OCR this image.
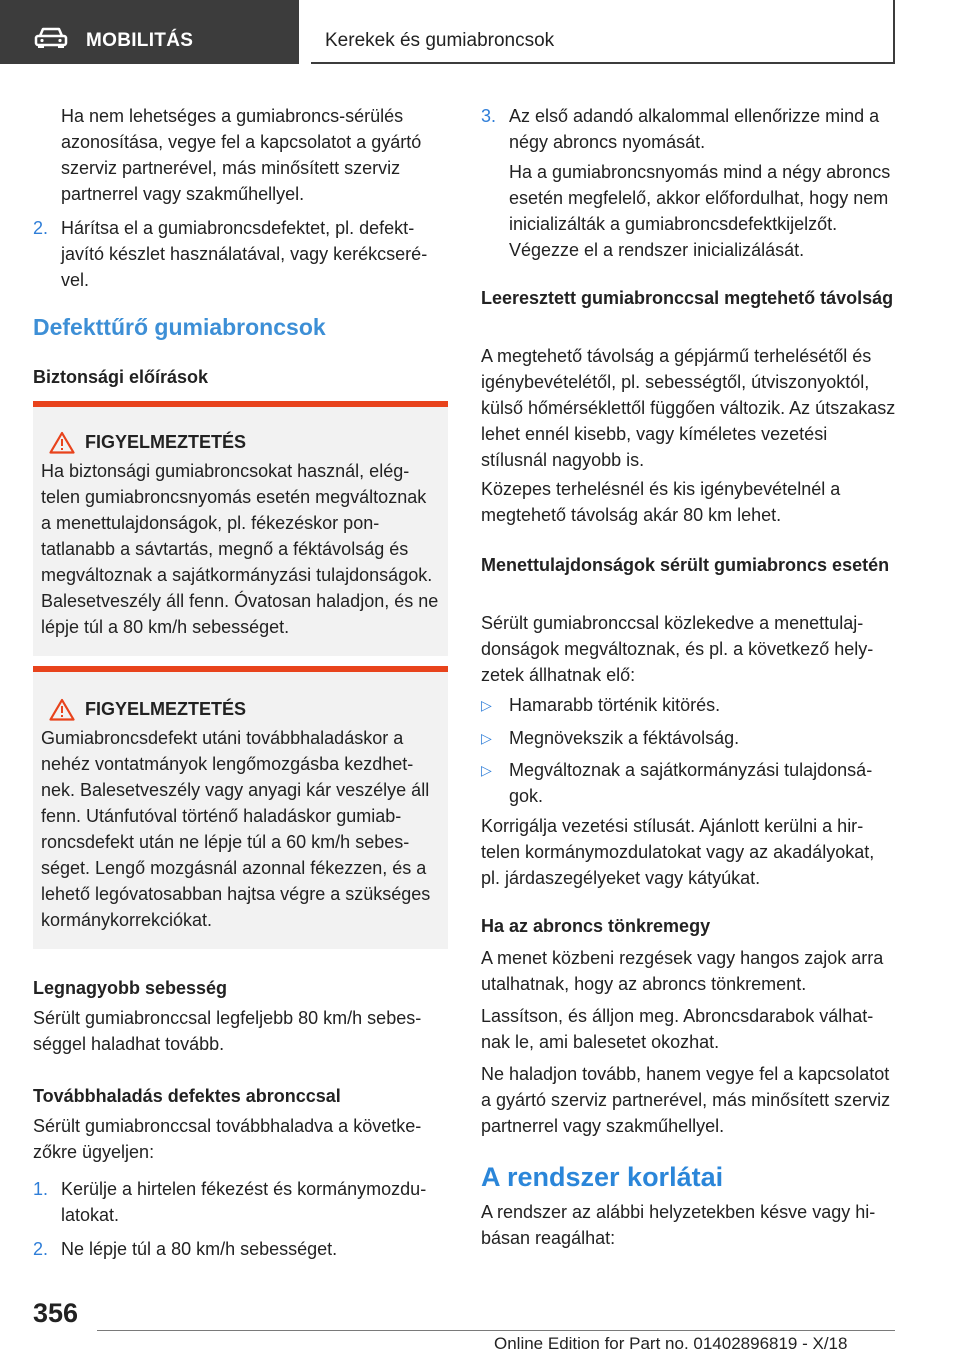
MOBILITÁS	Kerekek és gumiabroncsok

Ha nem lehetséges a gumiabroncs-sérülés azonosítása, vegye fel a kapcsolatot a gyártó szerviz partnerével, más minősített szerviz partnerrel vagy szakműhellyel.

2. Hárítsa el a gumiabroncsdefektet, pl. defektjavító készlet használatával, vagy kerékcserével.
Defekttűrő gumiabroncsok
Biztonsági előírások
FIGYELMEZTETÉS

Ha biztonsági gumiabroncsokat használ, elégtelen gumiabroncsnyomás esetén megváltoznak a menettulajdonságok, pl. fékezéskor pontatlanabb a sávtartás, megnő a féktávolság és megváltoznak a sajátkormányzási tulajdonságok. Balesetveszély áll fenn. Óvatosan haladjon, és ne lépje túl a 80 km/h sebességet.

FIGYELMEZTETÉS

Gumiabroncsdefekt utáni továbbhaladáskor a nehéz vontatmányok lengőmozgásba kezdhetnek. Balesetveszély vagy anyagi kár veszélye áll fenn. Utánfutóval történő haladáskor gumiabroncsdefekt után ne lépje túl a 60 km/h sebességet. Lengő mozgásnál azonnal fékezzen, és a lehető legóvatosabban hajtsa végre a szükséges kormánykorrekciókat.

Legnagyobb sebesség

Sérült gumiabronccsal legfeljebb 80 km/h sebességgel haladhat tovább.

Továbbhaladás defektes abronccsal

Sérült gumiabronccsal továbbhaladva a következőkre ügyeljen:

1. Kerülje a hirtelen fékezést és kormánymozdulatokat.
2. Ne lépje túl a 80 km/h sebességet.
3. Az első adandó alkalommal ellenőrizze mind a négy abroncs nyomását.

Ha a gumiabroncsnyomás mind a négy abroncs esetén megfelelő, akkor előfordulhat, hogy nem inicializálták a gumiabroncsdefektkijelzőt. Végezze el a rendszer inicializálását.

Leeresztett gumiabronccsal megtehető távolság

A megtehető távolság a gépjármű terhelésétől és igénybevételétől, pl. sebességtől, útviszonyoktól, külső hőmérséklettől függően változik. Az útszakasz lehet ennél kisebb, vagy kíméletes vezetési stílusnál nagyobb is.

Közepes terhelésnél és kis igénybevételnél a megtehető távolság akár 80 km lehet.

Menettulajdonságok sérült gumiabroncs esetén

Sérült gumiabronccsal közlekedve a menettulajdonságok megváltoznak, és pl. a következő helyzetek állhatnak elő:

▷ Hamarabb történik kitörés.
▷ Megnövekszik a féktávolság.
▷ Megváltoznak a sajátkormányzási tulajdonságok.

Korrigálja vezetési stílusát. Ajánlott kerülni a hirtelen kormánymozdulatokat vagy az akadályokat, pl. járdaszegélyeket vagy kátyúkat.

Ha az abroncs tönkremegy

A menet közbeni rezgések vagy hangos zajok arra utalhatnak, hogy az abroncs tönkrement.

Lassítson, és álljon meg. Abroncsdarabok válhatnak le, ami balesetet okozhat.

Ne haladjon tovább, hanem vegye fel a kapcsolatot a gyártó szerviz partnerével, más minősített szerviz partnerrel vagy szakműhellyel.

A rendszer korlátai

A rendszer az alábbi helyzetekben késve vagy hibásan reagálhat:

356
Online Edition for Part no. 01402896819 - X/18
